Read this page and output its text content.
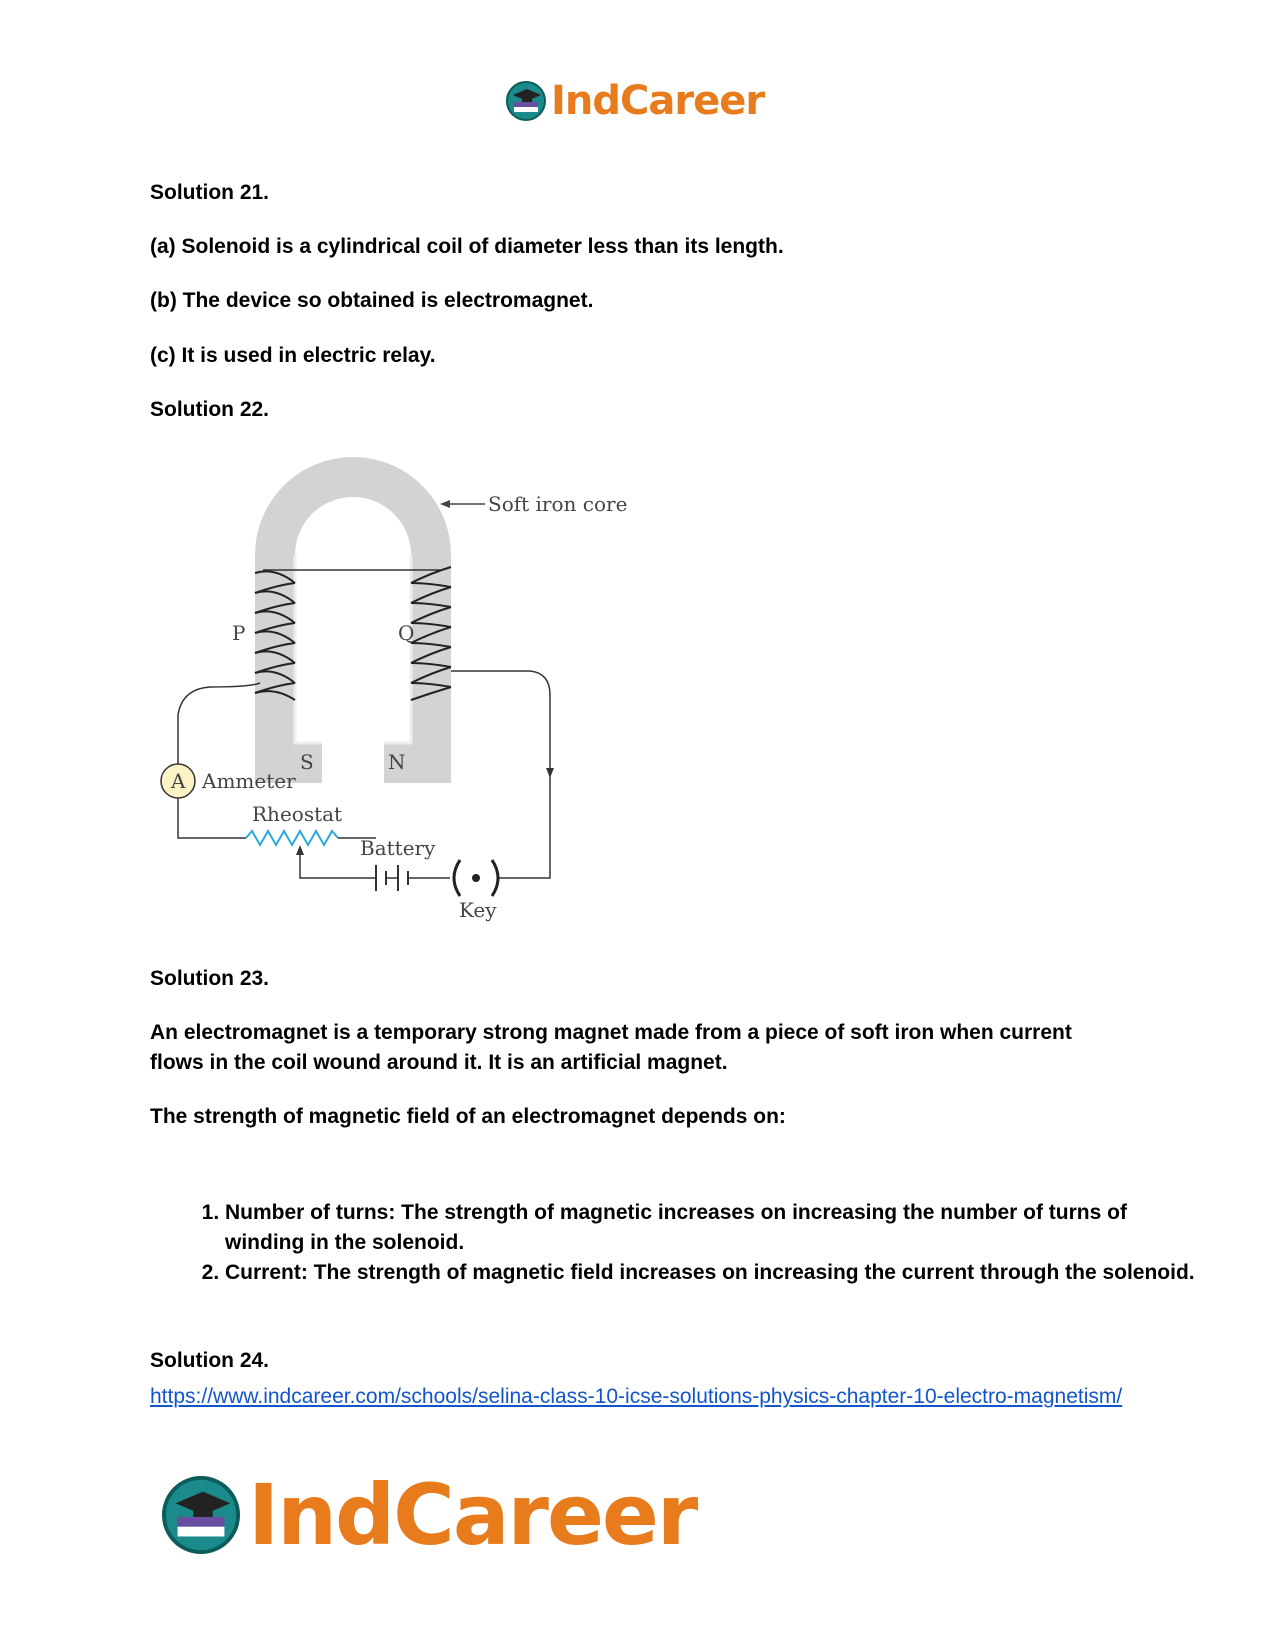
IndCareer

Solution 21.

(a) Solenoid is a cylindrical coil of diameter less than its length.

(b) The device so obtained is electromagnet.

(c) It is used in electric relay.

Solution 22.

Soft iron core
P	Q
S	N
A Ammeter
Rheostat
Battery
Key

Solution 23.

An electromagnet is a temporary strong magnet made from a piece of soft iron when current flows in the coil wound around it. It is an artificial magnet.

The strength of magnetic field of an electromagnet depends on:

1. Number of turns: The strength of magnetic increases on increasing the number of turns of winding in the solenoid.
2. Current: The strength of magnetic field increases on increasing the current through the solenoid.

Solution 24.

https://www.indcareer.com/schools/selina-class-10-icse-solutions-physics-chapter-10-electro-magnetism/
IndCareer
